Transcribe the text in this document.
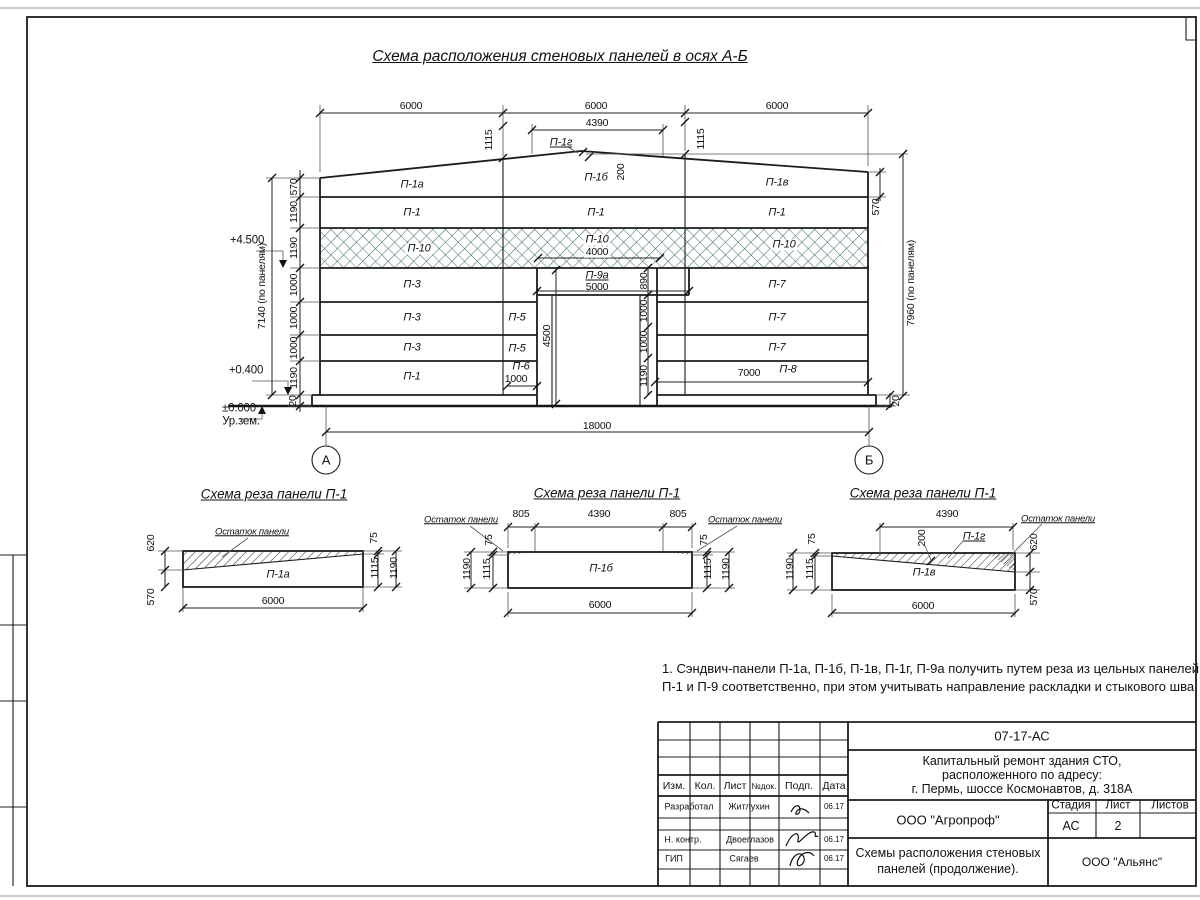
Схема расположения стеновых панелей в осях А-Б
Схема реза панели П-1	Схема реза панели П-1	Схема реза панели П-1
1. Сэндвич-панели П-1а, П-1б, П-1в, П-1г, П-9а получить путем реза из цельных панелей
П-1 и П-9 соответственно, при этом учитывать направление раскладки и стыкового шва.
6000	6000	6000
4390
1115	1115
П-1г
200
П-1а
П-1б	П-1в
П-1	П-1	П-1
П-10
П-10	П-10
4000
П-3
П-3
П-3
П-5
П-5
П-1
П-6
1000
П-9а
5000	П-7
П-7
П-7
7000 П-8
570
1190
1190
1000
1000
1000
1190
20
7140 (по панелям)
+4.500
+0.400
±0.000
Ур.зем.
570
7960 (по панелям)
20
4500
890
1000
1000
1190
18000
А	Б
Остаток панели
620
570
75
1115 1190
П-1а
6000
Остаток панели	Остаток панели
805	4390	805
75
1115
1190
75
1115 1190
П-1б
6000
4390	Остаток панели
200	П-1г
П-1в
75
1115
1190
620
570
6000
07-17-АС
Капитальный ремонт здания СТО,
расположенного по адресу:
г. Пермь, шоссе Космонавтов, д. 318А
Изм. Кол. Лист №док. Подп. Дата
Разработал Житлухин	06.17
Н. контр.	Двоеглазов	06.17
ГИП	Сягаев	06.17
ООО "Агропроф"
Стадия Лист Листов
АС	2
Схемы расположения стеновых
панелей (продолжение).	ООО "Альянс"
